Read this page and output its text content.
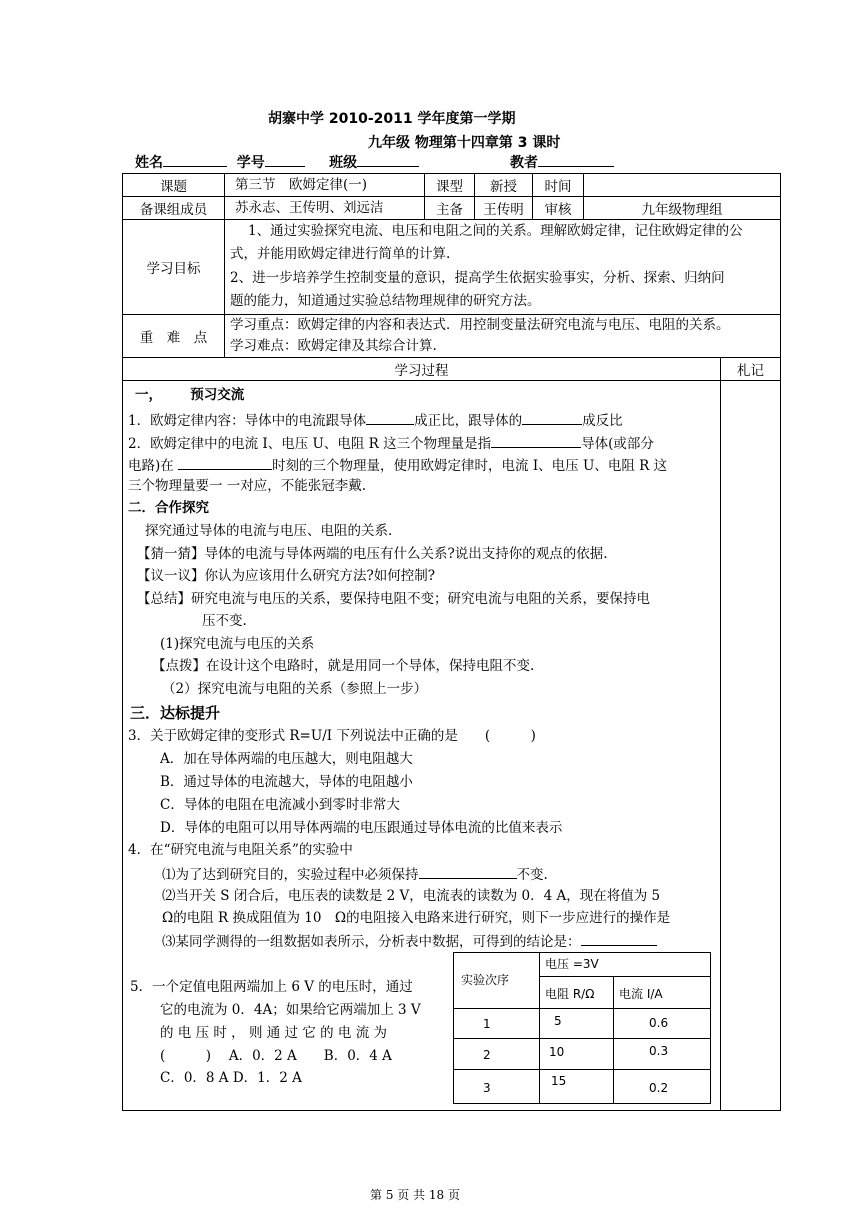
胡寨中学 2010-2011 学年度第一学期
九年级 物理第十四章第 3 课时
姓名	学号	班级	教者
课题	第三节　欧姆定律(一)	课型	新授	时间
备课组成员	苏永志、王传明、刘远洁	主备	王传明	审核	九年级物理组
学习目标
1、通过实验探究电流、电压和电阻之间的关系。理解欧姆定律，记住欧姆定律的公
式，并能用欧姆定律进行简单的计算.
2、进一步培养学生控制变量的意识，提高学生依据实验事实，分析、探索、归纳问
题的能力，知道通过实验总结物理规律的研究方法。
重　难　点
学习重点：欧姆定律的内容和表达式．用控制变量法研究电流与电压、电阻的关系。
学习难点：欧姆定律及其综合计算.
学习过程	札记
一， 预习交流
1．欧姆定律内容：导体中的电流跟导体	成正比，跟导体的	成反比
2．欧姆定律中的电流 I、电压 U、电阻 R 这三个物理量是指	导体(或部分
电路)在	时刻的三个物理量，使用欧姆定律时，电流 I、电压 U、电阻 R 这
三个物理量要一 一对应，不能张冠李戴.
二．合作探究
探究通过导体的电流与电压、电阻的关系.
【猜一猜】导体的电流与导体两端的电压有什么关系?说出支持你的观点的依据.
【议一议】你认为应该用什么研究方法?如何控制?
【总结】研究电流与电压的关系，要保持电阻不变；研究电流与电阻的关系，要保持电
压不变.
(1)探究电流与电压的关系
【点拨】在设计这个电路时，就是用同一个导体，保持电阻不变.
（2）探究电流与电阻的关系（参照上一步）
三．达标提升
3．关于欧姆定律的变形式 R=U/I 下列说法中正确的是　　(　　　)
A．加在导体两端的电压越大，则电阻越大
B．通过导体的电流越大，导体的电阻越小
C．导体的电阻在电流减小到零时非常大
D．导体的电阻可以用导体两端的电压跟通过导体电流的比值来表示
4．在“研究电流与电阻关系”的实验中
⑴为了达到研究目的，实验过程中必须保持	不变.
⑵当开关 S 闭合后，电压表的读数是 2 V，电流表的读数为 0．4 A，现在将值为 5
Ω的电阻 R 换成阻值为 10　Ω的电阻接入电路来进行研究，则下一步应进行的操作是
⑶某同学测得的一组数据如表所示，分析表中数据，可得到的结论是：
5．一个定值电阻两端加上 6 V 的电压时，通过
它的电流为 0．4A；如果给它两端加上 3 V
的 电 压 时 ， 则 通 过 它 的 电 流 为
(　　　)　 A．0．2 A　　B．0．4 A
C．0．8 A D．1．2 A
电压 =3V
实验次序
电阻 R/Ω 电流 I/A
1	5	0.6
2	10	0.3
3	15	0.2
第 5 页 共 18 页
